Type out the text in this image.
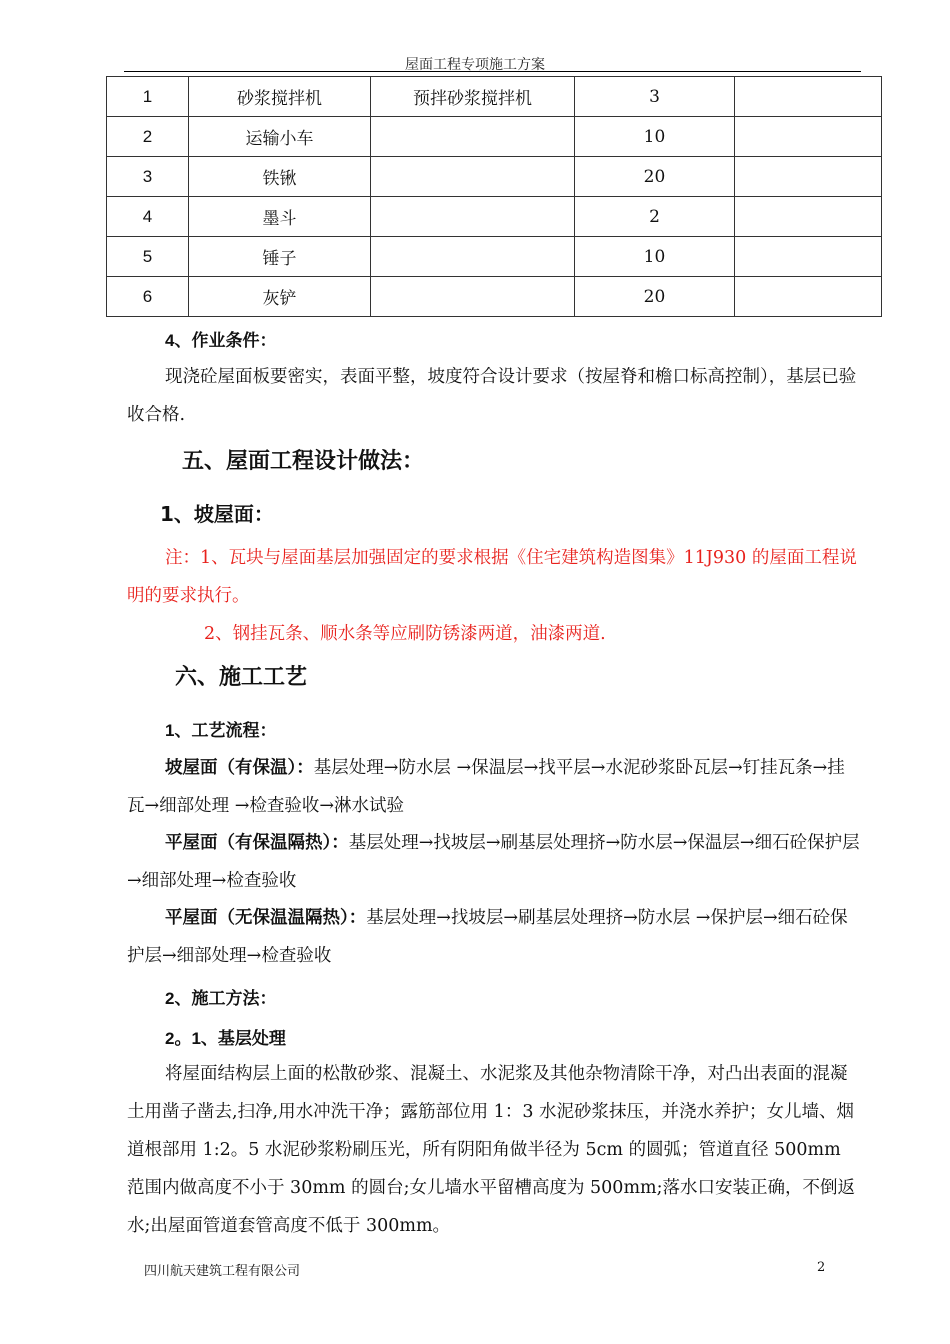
屋面工程专项施工方案
1	砂浆搅拌机	预拌砂浆搅拌机	3	
2	运输小车		10	
3	铁锹		20	
4	墨斗		2	
5	锤子		10	
6	灰铲		20	
4、作业条件：

现浇砼屋面板要密实，表面平整，坡度符合设计要求（按屋脊和檐口标高控制），基层已验收合格.

五、屋面工程设计做法：
1、坡屋面：

注：1、瓦块与屋面基层加强固定的要求根据《住宅建筑构造图集》11J930 的屋面工程说明的要求执行。

2、钢挂瓦条、顺水条等应刷防锈漆两道，油漆两道.
六、施工工艺
1、工艺流程：

坡屋面（有保温）：基层处理→防水层 →保温层→找平层→水泥砂浆卧瓦层→钉挂瓦条→挂瓦→细部处理 →检查验收→淋水试验

平屋面（有保温隔热）：基层处理→找坡层→刷基层处理挤→防水层→保温层→细石砼保护层→细部处理→检查验收

平屋面（无保温温隔热）：基层处理→找坡层→刷基层处理挤→防水层 →保护层→细石砼保护层→细部处理→检查验收

2、施工方法：
2。1、基层处理

将屋面结构层上面的松散砂浆、混凝土、水泥浆及其他杂物清除干净，对凸出表面的混凝土用凿子凿去,扫净,用水冲洗干净；露筋部位用 1：3 水泥砂浆抹压，并浇水养护；女儿墙、烟道根部用 1:2。5 水泥砂浆粉刷压光，所有阴阳角做半径为 5cm 的圆弧；管道直径 500mm 范围内做高度不小于 30mm 的圆台;女儿墙水平留槽高度为 500mm;落水口安装正确，不倒返水;出屋面管道套管高度不低于 300mm。

四川航天建筑工程有限公司	2
